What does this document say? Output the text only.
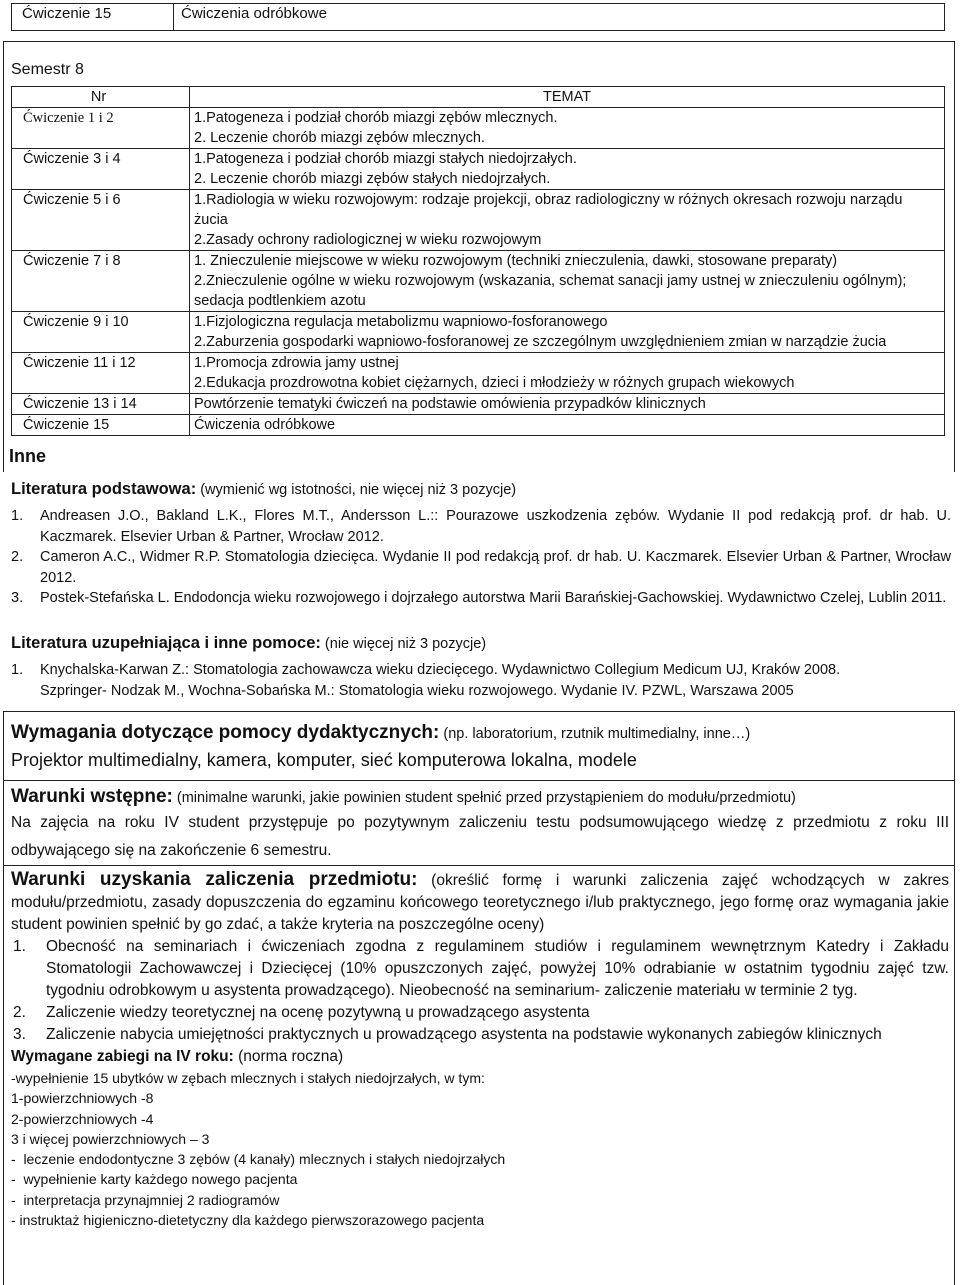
Ćwiczenie 15	Ćwiczenia odróbkowe
Semestr 8
Nr	TEMAT
Ćwiczenie 1 i 2	1.Patogeneza i podział chorób miazgi zębów mlecznych.
2. Leczenie chorób miazgi zębów mlecznych.

Ćwiczenie 3 i 4	1.Patogeneza i podział chorób miazgi stałych niedojrzałych.
2. Leczenie chorób miazgi zębów stałych niedojrzałych.

Ćwiczenie 5 i 6	1.Radiologia w wieku rozwojowym: rodzaje projekcji, obraz radiologiczny w różnych okresach rozwoju narządu żucia
2.Zasady ochrony radiologicznej w wieku rozwojowym

Ćwiczenie 7 i 8	1. Znieczulenie miejscowe w wieku rozwojowym (techniki znieczulenia, dawki, stosowane preparaty)
2.Znieczulenie ogólne w wieku rozwojowym (wskazania, schemat sanacji jamy ustnej w znieczuleniu ogólnym); sedacja podtlenkiem azotu

Ćwiczenie 9 i 10	1.Fizjologiczna regulacja metabolizmu wapniowo-fosforanowego
2.Zaburzenia gospodarki wapniowo-fosforanowej ze szczególnym uwzględnieniem zmian w narządzie żucia

Ćwiczenie 11 i 12	1.Promocja zdrowia jamy ustnej
2.Edukacja prozdrowotna kobiet ciężarnych, dzieci i młodzieży w różnych grupach wiekowych

Ćwiczenie 13 i 14	Powtórzenie tematyki ćwiczeń na podstawie omówienia przypadków klinicznych

Ćwiczenie 15	Ćwiczenia odróbkowe
Inne

Literatura podstawowa: (wymienić wg istotności, nie więcej niż 3 pozycje)

1. Andreasen J.O., Bakland L.K., Flores M.T., Andersson L.:: Pourazowe uszkodzenia zębów. Wydanie II pod redakcją prof. dr hab. U. Kaczmarek. Elsevier Urban & Partner, Wrocław 2012.
2. Cameron A.C., Widmer R.P. Stomatologia dziecięca. Wydanie II pod redakcją prof. dr hab. U. Kaczmarek. Elsevier Urban & Partner, Wrocław 2012.
3. Postek-Stefańska L. Endodoncja wieku rozwojowego i dojrzałego autorstwa Marii Barańskiej-Gachowskiej. Wydawnictwo Czelej, Lublin 2011.

Literatura uzupełniająca i inne pomoce: (nie więcej niż 3 pozycje)

1. Knychalska-Karwan Z.: Stomatologia zachowawcza wieku dziecięcego. Wydawnictwo Collegium Medicum UJ, Kraków 2008.
Szpringer- Nodzak M., Wochna-Sobańska M.: Stomatologia wieku rozwojowego. Wydanie IV. PZWL, Warszawa 2005

Wymagania dotyczące pomocy dydaktycznych: (np. laboratorium, rzutnik multimedialny, inne…)

Projektor multimedialny, kamera, komputer, sieć komputerowa lokalna, modele

Warunki wstępne: (minimalne warunki, jakie powinien student spełnić przed przystąpieniem do modułu/przedmiotu)

Na zajęcia na roku IV student przystępuje po pozytywnym zaliczeniu testu podsumowującego wiedzę z przedmiotu z roku III odbywającego się na zakończenie 6 semestru.

Warunki uzyskania zaliczenia przedmiotu: (określić formę i warunki zaliczenia zajęć wchodzących w zakres modułu/przedmiotu, zasady dopuszczenia do egzaminu końcowego teoretycznego i/lub praktycznego, jego formę oraz wymagania jakie student powinien spełnić by go zdać, a także kryteria na poszczególne oceny)

1. Obecność na seminariach i ćwiczeniach zgodna z regulaminem studiów i regulaminem wewnętrznym Katedry i Zakładu Stomatologii Zachowawczej i Dziecięcej (10% opuszczonych zajęć, powyżej 10% odrabianie w ostatnim tygodniu zajęć tzw. tygodniu odrobkowym u asystenta prowadzącego). Nieobecność na seminarium- zaliczenie materiału w terminie 2 tyg.
2. Zaliczenie wiedzy teoretycznej na ocenę pozytywną u prowadzącego asystenta
3. Zaliczenie nabycia umiejętności praktycznych u prowadzącego asystenta na podstawie wykonanych zabiegów klinicznych

Wymagane zabiegi na IV roku: (norma roczna)

-wypełnienie 15 ubytków w zębach mlecznych i stałych niedojrzałych, w tym:
1-powierzchniowych -8
2-powierzchniowych -4
3 i więcej powierzchniowych – 3
-  leczenie endodontyczne 3 zębów (4 kanały) mlecznych i stałych niedojrzałych
-  wypełnienie karty każdego nowego pacjenta
-  interpretacja przynajmniej 2 radiogramów
- instruktaż higieniczno-dietetyczny dla każdego pierwszorazowego pacjenta
